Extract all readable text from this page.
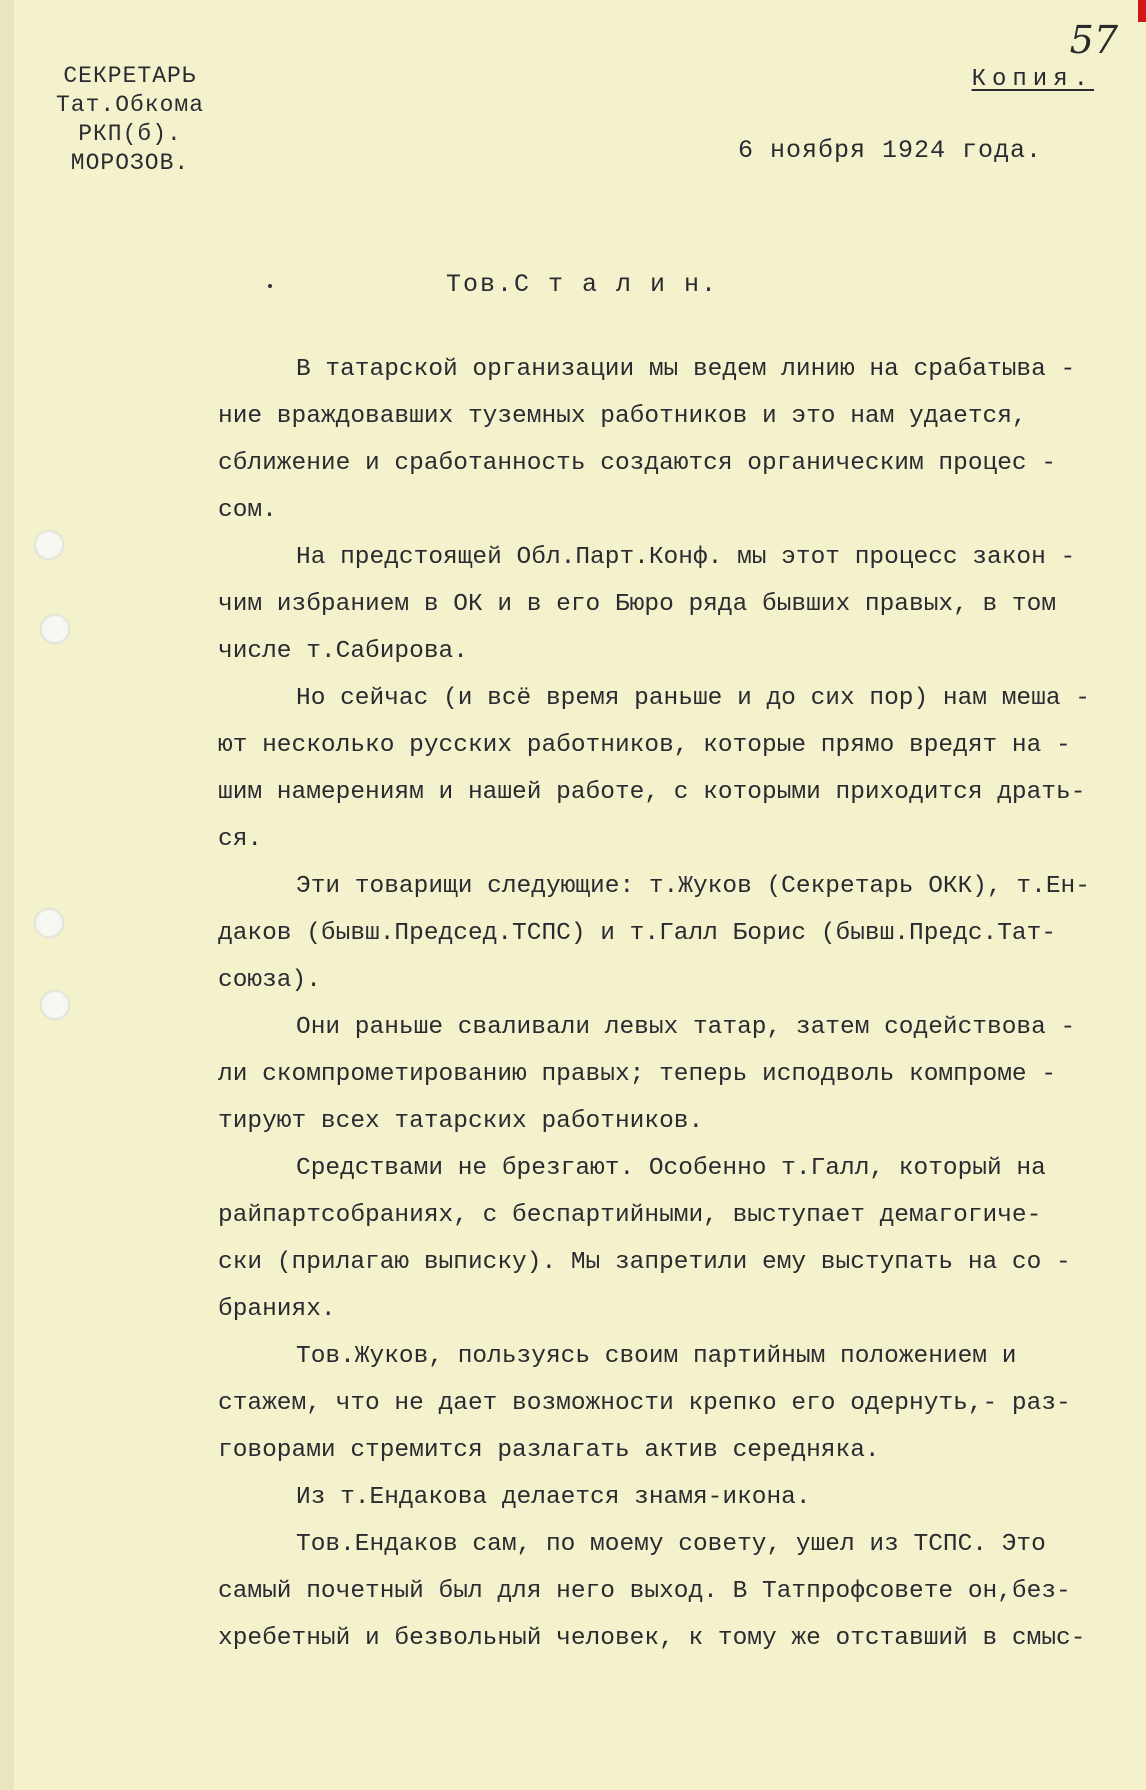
57
СЕКРЕТАРЬ
Тат.Обкома
РКП(б).
МОРОЗОВ.
Копия.
6 ноября 1924 года.
Тов.С т а л и н.
В татарской организации мы ведем линию на срабатыва -
ние враждовавших туземных работников и это нам удается,
сближение и сработанность создаются органическим процес -
сом.
На предстоящей Обл.Парт.Конф. мы этот процесс закон -
чим избранием в ОК и в его Бюро ряда бывших правых, в том
числе т.Сабирова.
Но сейчас (и всё время раньше и до сих пор) нам меша -
ют несколько русских работников, которые прямо вредят на -
шим намерениям и нашей работе, с которыми приходится драть-
ся.
Эти товарищи следующие: т.Жуков (Секретарь ОКК), т.Ен-
даков (бывш.Председ.ТСПС) и т.Галл Борис (бывш.Предс.Тат-
союза).
Они раньше сваливали левых татар, затем содействова -
ли скомпрометированию правых; теперь исподволь компроме -
тируют всех татарских работников.
Средствами не брезгают. Особенно т.Галл, который на
райпартсобраниях, с беспартийными, выступает демагогиче-
ски (прилагаю выписку). Мы запретили ему выступать на со -
браниях.
Тов.Жуков, пользуясь своим партийным положением и
стажем, что не дает возможности крепко его одернуть,- раз-
говорами стремится разлагать актив середняка.
Из т.Ендакова делается знамя-икона.
Тов.Ендаков сам, по моему совету, ушел из ТСПС. Это
самый почетный был для него выход. В Татпрофсовете он,без-
хребетный и безвольный человек, к тому же отставший в смыс-
